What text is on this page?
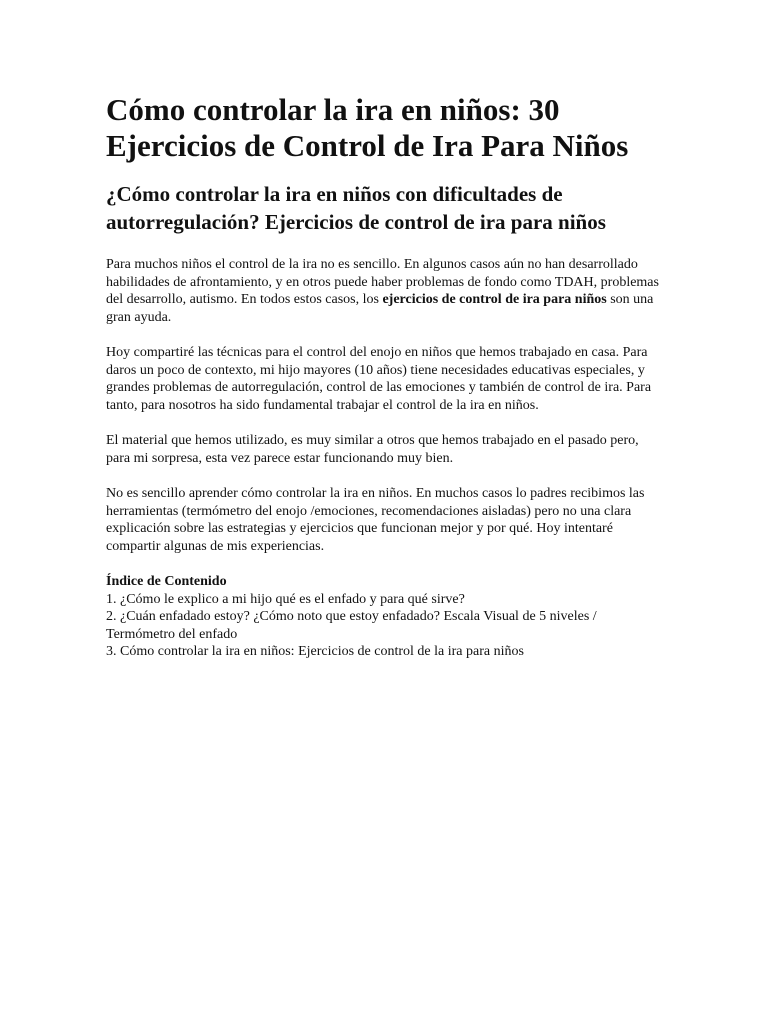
Cómo controlar la ira en niños: 30 Ejercicios de Control de Ira Para Niños
¿Cómo controlar la ira en niños con dificultades de autorregulación? Ejercicios de control de ira para niños

Para muchos niños el control de la ira no es sencillo. En algunos casos aún no han desarrollado habilidades de afrontamiento, y en otros puede haber problemas de fondo como TDAH, problemas del desarrollo, autismo. En todos estos casos, los ejercicios de control de ira para niños son una gran ayuda.

Hoy compartiré las técnicas para el control del enojo en niños que hemos trabajado en casa. Para daros un poco de contexto, mi hijo mayores (10 años) tiene necesidades educativas especiales, y grandes problemas de autorregulación, control de las emociones y también de control de ira. Para tanto, para nosotros ha sido fundamental trabajar el control de la ira en niños.

El material que hemos utilizado, es muy similar a otros que hemos trabajado en el pasado pero, para mi sorpresa, esta vez parece estar funcionando muy bien.

No es sencillo aprender cómo controlar la ira en niños. En muchos casos lo padres recibimos las herramientas (termómetro del enojo /emociones, recomendaciones aisladas) pero no una clara explicación sobre las estrategias y ejercicios que funcionan mejor y por qué. Hoy intentaré compartir algunas de mis experiencias.

Índice de Contenido
1. ¿Cómo le explico a mi hijo qué es el enfado y para qué sirve?
2. ¿Cuán enfadado estoy? ¿Cómo noto que estoy enfadado? Escala Visual de 5 niveles / Termómetro del enfado
3. Cómo controlar la ira en niños: Ejercicios de control de la ira para niños
